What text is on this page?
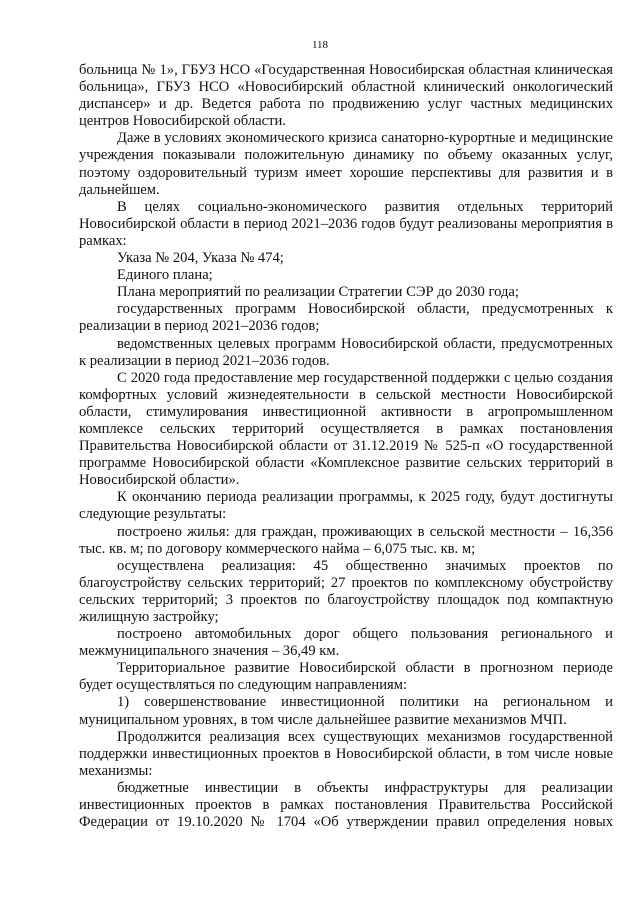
118

больница № 1», ГБУЗ НСО «Государственная Новосибирская областная клиническая больница», ГБУЗ НСО «Новосибирский областной клинический онкологический диспансер» и др. Ведется работа по продвижению услуг частных медицинских центров Новосибирской области.

Даже в условиях экономического кризиса санаторно-курортные и медицинские учреждения показывали положительную динамику по объему оказанных услуг, поэтому оздоровительный туризм имеет хорошие перспективы для развития и в дальнейшем.

В целях социально-экономического развития отдельных территорий Новосибирской области в период 2021–2036 годов будут реализованы мероприятия в рамках:

Указа № 204, Указа № 474;

Единого плана;

Плана мероприятий по реализации Стратегии СЭР до 2030 года;

государственных программ Новосибирской области, предусмотренных к реализации в период 2021–2036 годов;

ведомственных целевых программ Новосибирской области, предусмотренных к реализации в период 2021–2036 годов.

С 2020 года предоставление мер государственной поддержки с целью создания комфортных условий жизнедеятельности в сельской местности Новосибирской области, стимулирования инвестиционной активности в агропромышленном комплексе сельских территорий осуществляется в рамках постановления Правительства Новосибирской области от 31.12.2019 № 525-п «О государственной программе Новосибирской области «Комплексное развитие сельских территорий в Новосибирской области».

К окончанию периода реализации программы, к 2025 году, будут достигнуты следующие результаты:

построено жилья: для граждан, проживающих в сельской местности – 16,356 тыс. кв. м; по договору коммерческого найма – 6,075 тыс. кв. м;

осуществлена реализация: 45 общественно значимых проектов по благоустройству сельских территорий; 27 проектов по комплексному обустройству сельских территорий; 3 проектов по благоустройству площадок под компактную жилищную застройку;

построено автомобильных дорог общего пользования регионального и межмуниципального значения – 36,49 км.

Территориальное развитие Новосибирской области в прогнозном периоде будет осуществляться по следующим направлениям:

1) совершенствование инвестиционной политики на региональном и муниципальном уровнях, в том числе дальнейшее развитие механизмов МЧП.

Продолжится реализация всех существующих механизмов государственной поддержки инвестиционных проектов в Новосибирской области, в том числе новые механизмы:

бюджетные инвестиции в объекты инфраструктуры для реализации инвестиционных проектов в рамках постановления Правительства Российской Федерации от 19.10.2020 № 1704 «Об утверждении правил определения новых
